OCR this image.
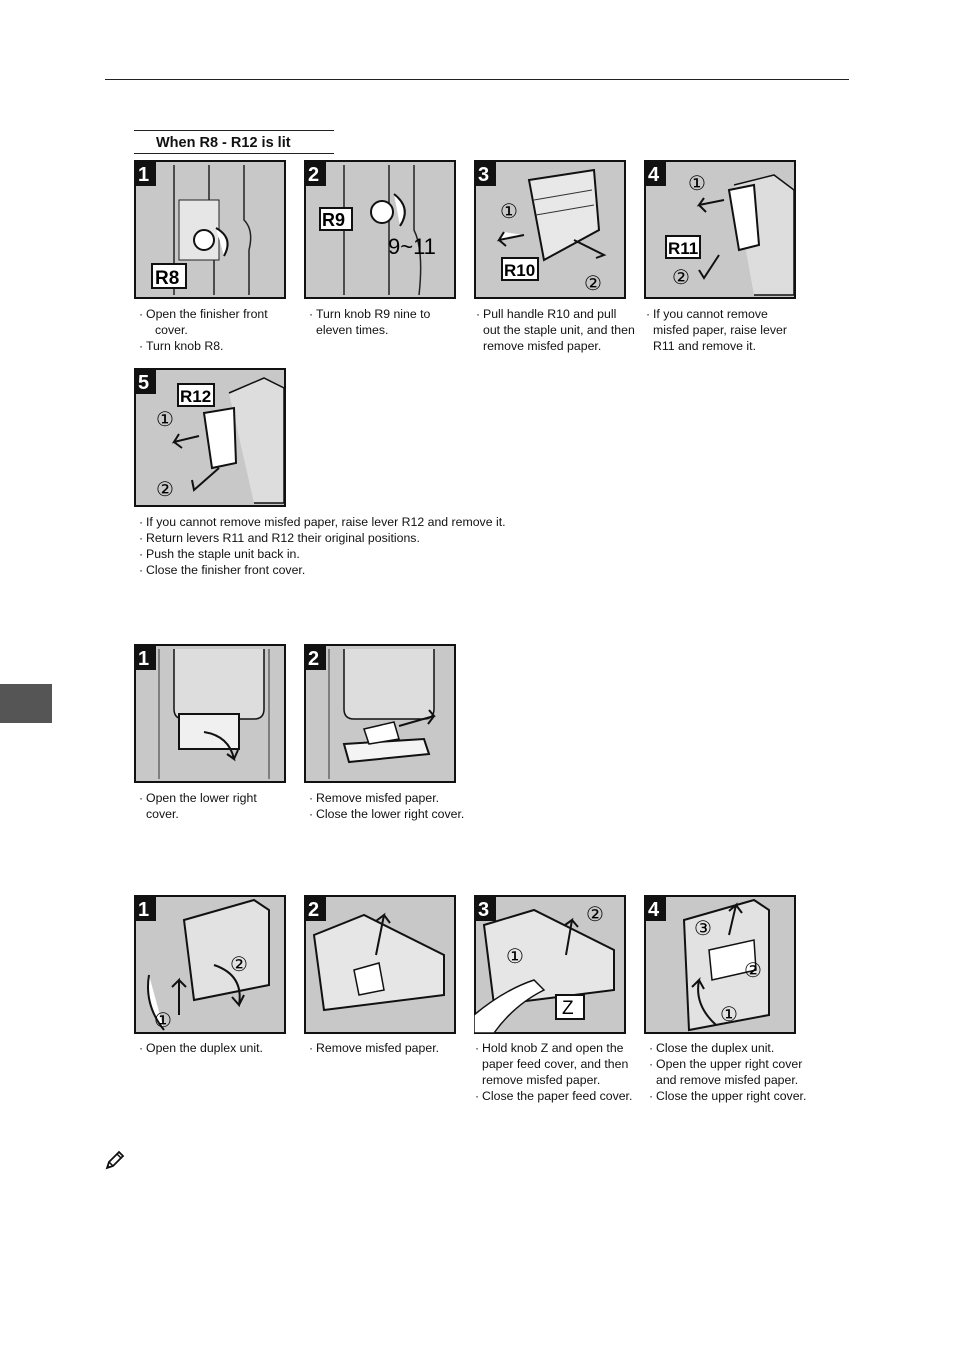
When R8 - R12 is lit
1
R8
2
R9
9~11
3
R10
①
②
4
R11
①
②

· Open the finisher front

cover.

· Turn knob R8.

· Turn knob R9 nine to

eleven times.

· Pull handle R10 and pull

out the staple unit, and then

remove misfed paper.

· If you cannot remove

misfed paper, raise lever

R11 and remove it.

5
R12
①
②

· If you cannot remove misfed paper, raise lever R12 and remove it.

· Return levers R11 and R12 their original positions.

· Push the staple unit back in.

· Close the finisher front cover.

1	2

· Open the lower right

cover.

· Remove misfed paper.

· Close the lower right cover.

1
①
②
2	3
①
②
Z
4
①
②
③

· Open the duplex unit.	· Remove misfed paper.	· Hold knob Z and open the

paper feed cover, and then

remove misfed paper.

· Close the paper feed cover.

· Close the duplex unit.

· Open the upper right cover

and remove misfed paper.

· Close the upper right cover.
